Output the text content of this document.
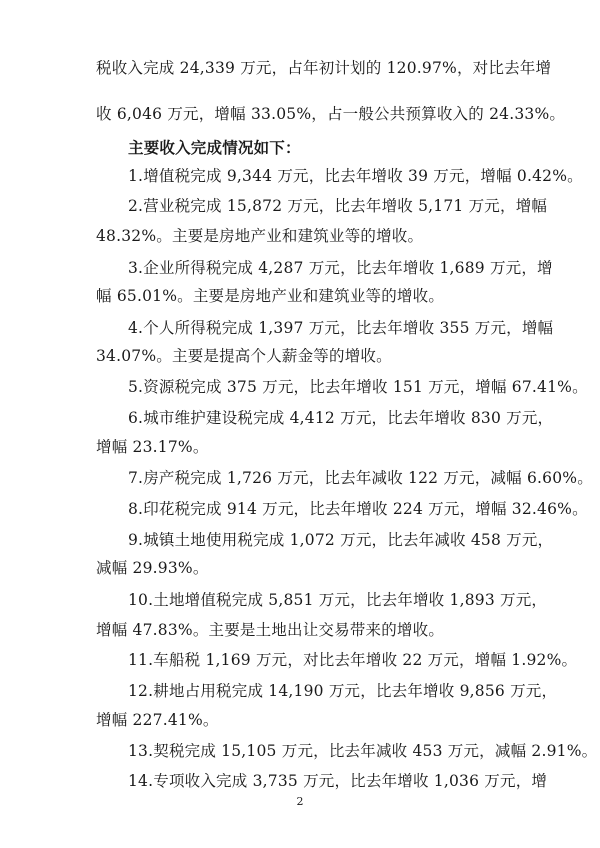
税收入完成 24,339 万元，占年初计划的 120.97%，对比去年增
收 6,046 万元，增幅 33.05%，占一般公共预算收入的 24.33%。
主要收入完成情况如下：
1.增值税完成 9,344 万元，比去年增收 39 万元，增幅 0.42%。
2.营业税完成 15,872 万元，比去年增收 5,171 万元，增幅
48.32%。主要是房地产业和建筑业等的增收。
3.企业所得税完成 4,287 万元，比去年增收 1,689 万元，增
幅 65.01%。主要是房地产业和建筑业等的增收。
4.个人所得税完成 1,397 万元，比去年增收 355 万元，增幅
34.07%。主要是提高个人薪金等的增收。
5.资源税完成 375 万元，比去年增收 151 万元，增幅 67.41%。
6.城市维护建设税完成 4,412 万元，比去年增收 830 万元，
增幅 23.17%。
7.房产税完成 1,726 万元，比去年减收 122 万元，减幅 6.60%。
8.印花税完成 914 万元，比去年增收 224 万元，增幅 32.46%。
9.城镇土地使用税完成 1,072 万元，比去年减收 458 万元，
减幅 29.93%。
10.土地增值税完成 5,851 万元，比去年增收 1,893 万元，
增幅 47.83%。主要是土地出让交易带来的增收。
11.车船税 1,169 万元，对比去年增收 22 万元，增幅 1.92%。
12.耕地占用税完成 14,190 万元，比去年增收 9,856 万元，
增幅 227.41%。
13.契税完成 15,105 万元，比去年减收 453 万元，减幅 2.91%。
14.专项收入完成 3,735 万元，比去年增收 1,036 万元，增
2
